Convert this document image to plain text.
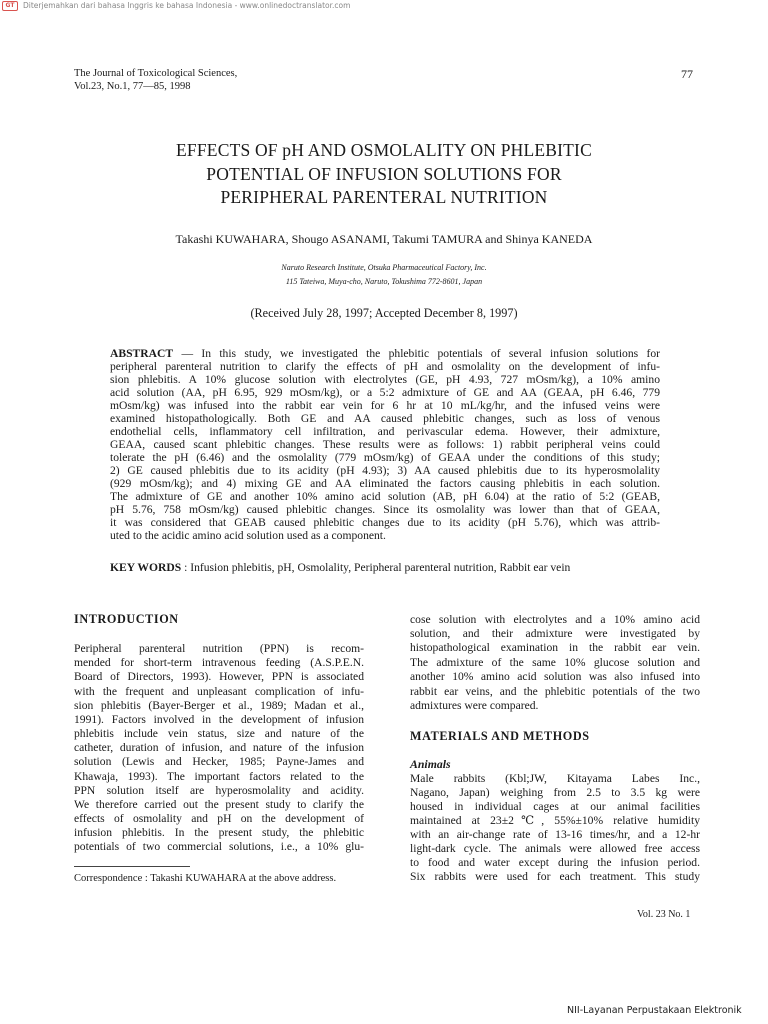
GT	Diterjemahkan dari bahasa Inggris ke bahasa Indonesia - www.onlinedoctranslator.com
The Journal of Toxicological Sciences,
Vol.23, No.1, 77—85, 1998
77
EFFECTS OF pH AND OSMOLALITY ON PHLEBITIC
POTENTIAL OF INFUSION SOLUTIONS FOR
PERIPHERAL PARENTERAL NUTRITION
Takashi KUWAHARA, Shougo ASANAMI, Takumi TAMURA and Shinya KANEDA
Naruto Research Institute, Otsuka Pharmaceutical Factory, Inc.
115 Tateiwa, Muya-cho, Naruto, Tokushima 772-8601, Japan
(Received July 28, 1997; Accepted December 8, 1997)
ABSTRACT — In this study, we investigated the phlebitic potentials of several infusion solutions for
peripheral parenteral nutrition to clarify the effects of pH and osmolality on the development of infu-
sion phlebitis. A 10% glucose solution with electrolytes (GE, pH 4.93, 727 mOsm/kg), a 10% amino
acid solution (AA, pH 6.95, 929 mOsm/kg), or a 5:2 admixture of GE and AA (GEAA, pH 6.46, 779
mOsm/kg) was infused into the rabbit ear vein for 6 hr at 10 mL/kg/hr, and the infused veins were
examined histopathologically. Both GE and AA caused phlebitic changes, such as loss of venous
endothelial cells, inflammatory cell infiltration, and perivascular edema. However, their admixture,
GEAA, caused scant phlebitic changes. These results were as follows: 1) rabbit peripheral veins could
tolerate the pH (6.46) and the osmolality (779 mOsm/kg) of GEAA under the conditions of this study;
2) GE caused phlebitis due to its acidity (pH 4.93); 3) AA caused phlebitis due to its hyperosmolality
(929 mOsm/kg); and 4) mixing GE and AA eliminated the factors causing phlebitis in each solution.
The admixture of GE and another 10% amino acid solution (AB, pH 6.04) at the ratio of 5:2 (GEAB,
pH 5.76, 758 mOsm/kg) caused phlebitic changes. Since its osmolality was lower than that of GEAA,
it was considered that GEAB caused phlebitic changes due to its acidity (pH 5.76), which was attrib-
uted to the acidic amino acid solution used as a component.
KEY WORDS : Infusion phlebitis, pH, Osmolality, Peripheral parenteral nutrition, Rabbit ear vein
INTRODUCTION
Peripheral parenteral nutrition (PPN) is recom-
mended for short-term intravenous feeding (A.S.P.E.N.
Board of Directors, 1993). However, PPN is associated
with the frequent and unpleasant complication of infu-
sion phlebitis (Bayer-Berger et al., 1989; Madan et al.,
1991). Factors involved in the development of infusion
phlebitis include vein status, size and nature of the
catheter, duration of infusion, and nature of the infusion
solution (Lewis and Hecker, 1985; Payne-James and
Khawaja, 1993). The important factors related to the
PPN solution itself are hyperosmolality and acidity.
We therefore carried out the present study to clarify the
effects of osmolality and pH on the development of
infusion phlebitis. In the present study, the phlebitic
potentials of two commercial solutions, i.e., a 10% glu-
Correspondence : Takashi KUWAHARA at the above address.
cose solution with electrolytes and a 10% amino acid
solution, and their admixture were investigated by
histopathological examination in the rabbit ear vein.
The admixture of the same 10% glucose solution and
another 10% amino acid solution was also infused into
rabbit ear veins, and the phlebitic potentials of the two
admixtures were compared.
MATERIALS AND METHODS
Animals
Male rabbits (Kbl;JW, Kitayama Labes Inc.,
Nagano, Japan) weighing from 2.5 to 3.5 kg were
housed in individual cages at our animal facilities
maintained at 23±2℃, 55%±10% relative humidity
with an air-change rate of 13-16 times/hr, and a 12-hr
light-dark cycle. The animals were allowed free access
to food and water except during the infusion period.
Six rabbits were used for each treatment. This study
Vol. 23 No. 1
NII-Layanan Perpustakaan Elektronik
